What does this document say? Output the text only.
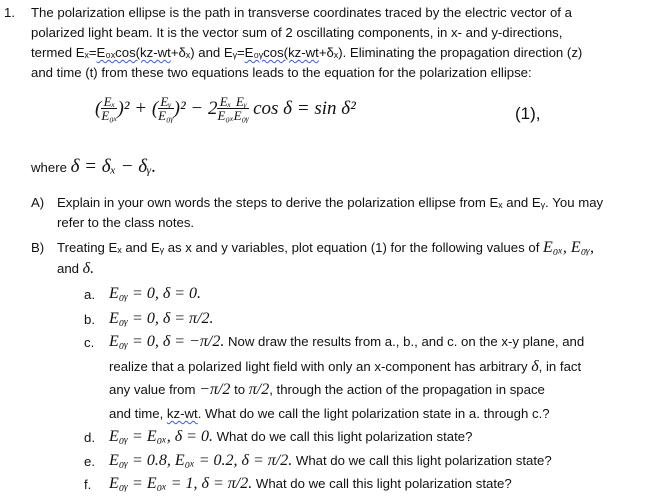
1. The polarization ellipse is the path in transverse coordinates traced by the electric vector of a
polarized light beam. It is the vector sum of 2 oscillating components, in x- and y-directions,
termed Eₓ=E₀ₓcos(kz-wt+δₓ) and Eᵧ=E₀ᵧcos(kz-wt+δₓ). Eliminating the propagation direction (z)
and time (t) from these two equations leads to the equation for the polarization ellipse:
( $\frac{\text{Eₓ}}{\text{E₀ₓ}} )^2$ + ( $\frac{\text{Eᵧ}}{\text{E₀ᵧ}} )^2 - 2 \frac{\text{Eₓ}}{\text{E₀ₓ}} \frac{\text{Eᵧ}}{\text{E₀ᵧ}}$ cos δ = sin δ²	(1),
where δ = δₓ − δᵧ.
A) Explain in your own words the steps to derive the polarization ellipse from Eₓ and Eᵧ. You may
refer to the class notes.
B) Treating Eₓ and Eᵧ as x and y variables, plot equation (1) for the following values of E₀ₓ, E₀ᵧ,
and δ.
a. E₀ᵧ = 0, δ = 0.
b. E₀ᵧ = 0, δ = π/2.
c. E₀ᵧ = 0, δ = −π/2. Now draw the results from a., b., and c. on the x-y plane, and
realize that a polarized light field with only an x-component has arbitrary δ, in fact
any value from −π/2 to π/2, through the action of the propagation in space
and time, kz-wt. What do we call the light polarization state in a. through c.?
d. E₀ᵧ = E₀ₓ, δ = 0. What do we call this light polarization state?
e. E₀ᵧ = 0.8, E₀ₓ = 0.2, δ = π/2. What do we call this light polarization state?
f. E₀ᵧ = E₀ₓ = 1, δ = π/2. What do we call this light polarization state?
